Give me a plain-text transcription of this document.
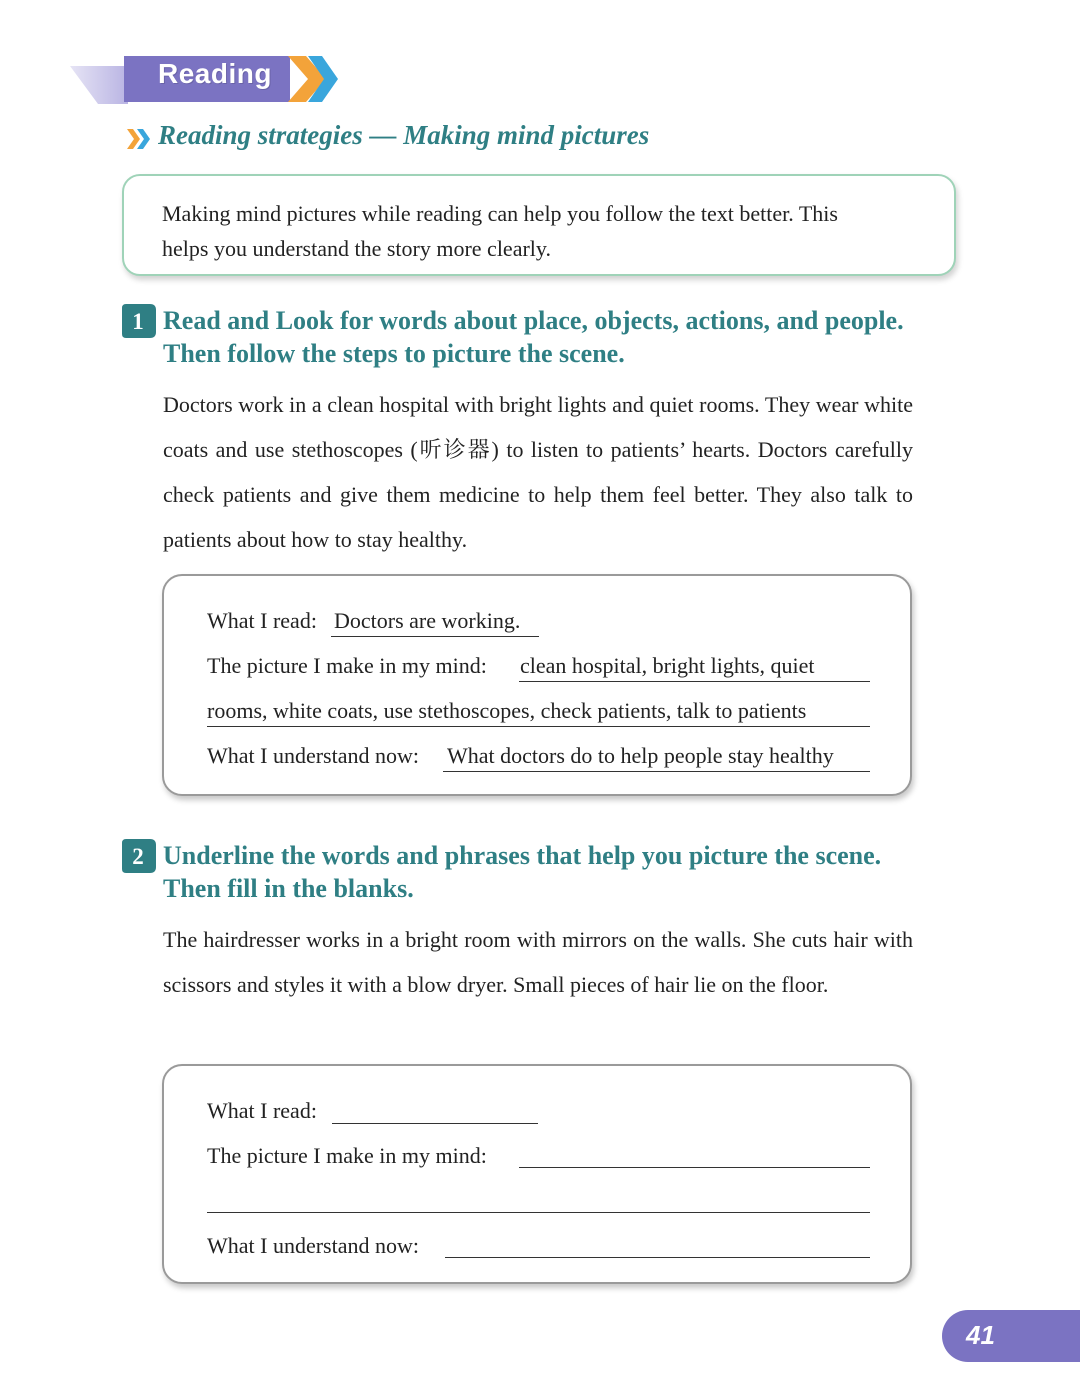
Reading
Reading strategies — Making mind pictures
Making mind pictures while reading can help you follow the text better. This
helps you understand the story more clearly.
1 Read and Look for words about place, objects, actions, and people.
Then follow the steps to picture the scene.
Doctors work in a clean hospital with bright lights and quiet rooms. They wear white coats and use stethoscopes (听诊器) to listen to patients’ hearts. Doctors carefully check patients and give them medicine to help them feel better. They also talk to patients about how to stay healthy.
What I read: Doctors are working.
The picture I make in my mind: clean hospital, bright lights, quiet
rooms, white coats, use stethoscopes, check patients, talk to patients
What I understand now: What doctors do to help people stay healthy
2 Underline the words and phrases that help you picture the scene.
Then fill in the blanks.
The hairdresser works in a bright room with mirrors on the walls. She cuts hair with scissors and styles it with a blow dryer. Small pieces of hair lie on the floor.
What I read:
The picture I make in my mind:
What I understand now:
41
